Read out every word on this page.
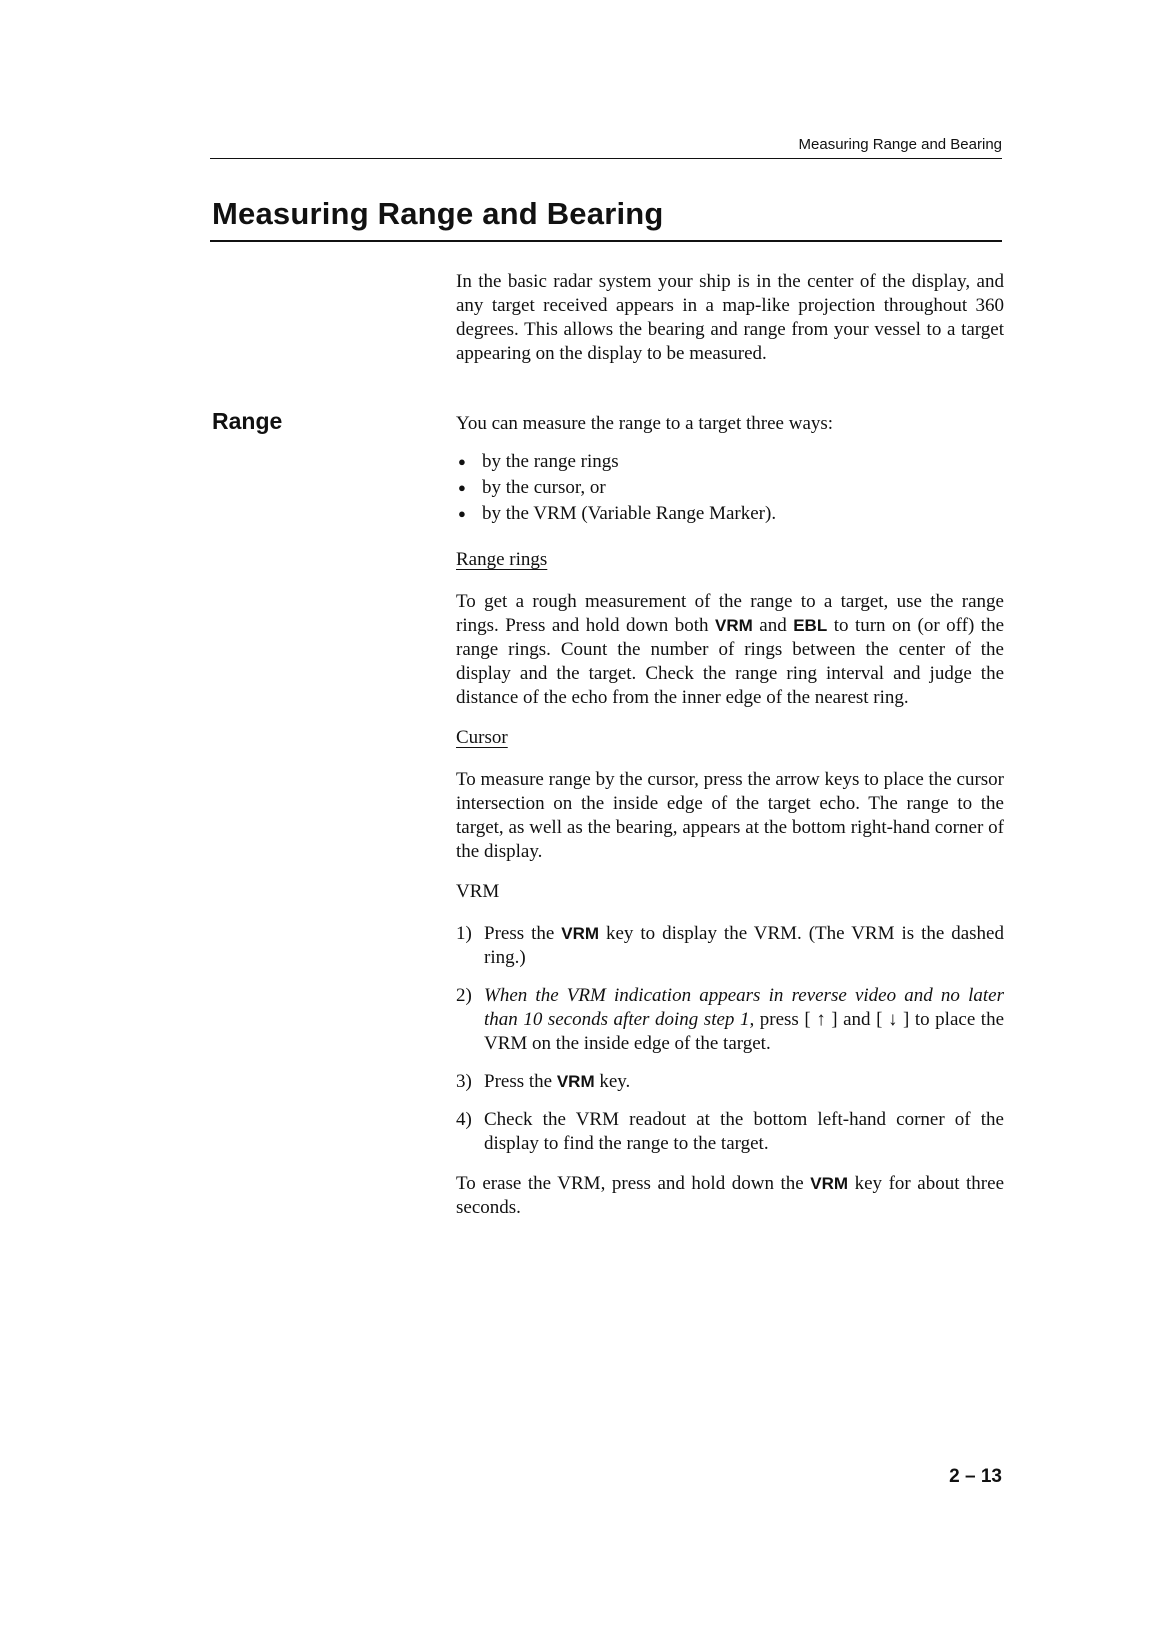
Measuring Range and Bearing
Measuring Range and Bearing
Range

In the basic radar system your ship is in the center of the display, and any target received appears in a map-like projection throughout 360 degrees. This allows the bearing and range from your vessel to a target appearing on the display to be measured.

You can measure the range to a target three ways:

● by the range rings
● by the cursor, or
● by the VRM (Variable Range Marker).
Range rings

To get a rough measurement of the range to a target, use the range rings. Press and hold down both VRM and EBL to turn on (or off) the range rings. Count the number of rings between the center of the display and the target. Check the range ring interval and judge the distance of the echo from the inner edge of the nearest ring.

Cursor

To measure range by the cursor, press the arrow keys to place the cursor intersection on the inside edge of the target echo. The range to the target, as well as the bearing, appears at the bottom right-hand corner of the display.

VRM
1) Press the VRM key to display the VRM. (The VRM is the dashed ring.)
2) When the VRM indication appears in reverse video and no later than 10 seconds after doing step 1, press [ ↑ ] and [ ↓ ] to place the VRM on the inside edge of the target.
3) Press the VRM key.
4) Check the VRM readout at the bottom left-hand corner of the display to find the range to the target.

To erase the VRM, press and hold down the VRM key for about three seconds.

2 – 13
